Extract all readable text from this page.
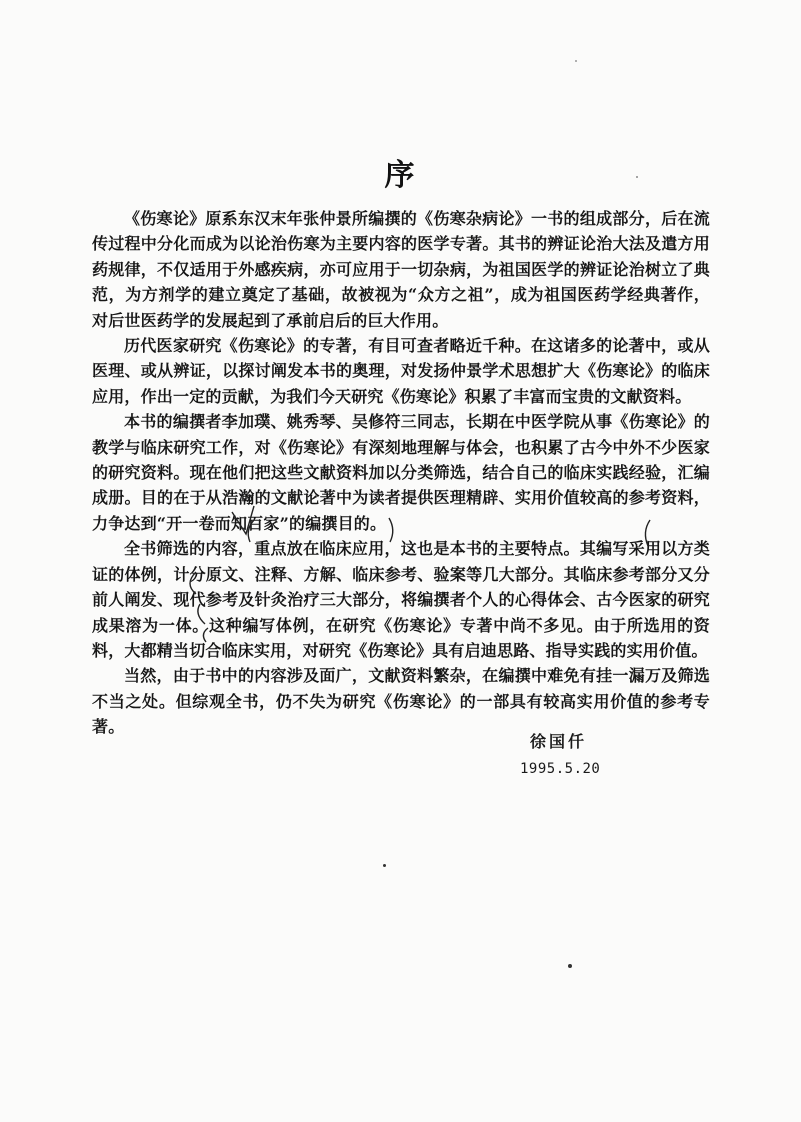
序

《伤寒论》原系东汉末年张仲景所编撰的《伤寒杂病论》一书的组成部分，后在流传过程中分化而成为以论治伤寒为主要内容的医学专著。其书的辨证论治大法及遣方用药规律，不仅适用于外感疾病，亦可应用于一切杂病，为祖国医学的辨证论治树立了典范，为方剂学的建立奠定了基础，故被视为“众方之祖”，成为祖国医药学经典著作，对后世医药学的发展起到了承前启后的巨大作用。

历代医家研究《伤寒论》的专著，有目可查者略近千种。在这诸多的论著中，或从医理、或从辨证，以探讨阐发本书的奥理，对发扬仲景学术思想扩大《伤寒论》的临床应用，作出一定的贡献，为我们今天研究《伤寒论》积累了丰富而宝贵的文献资料。

本书的编撰者李加璞、姚秀琴、吴修符三同志，长期在中医学院从事《伤寒论》的教学与临床研究工作，对《伤寒论》有深刻地理解与体会，也积累了古今中外不少医家的研究资料。现在他们把这些文献资料加以分类筛选，结合自己的临床实践经验，汇编成册。目的在于从浩瀚的文献论著中为读者提供医理精辟、实用价值较高的参考资料，力争达到“开一卷而知百家”的编撰目的。

全书筛选的内容，重点放在临床应用，这也是本书的主要特点。其编写采用以方类证的体例，计分原文、注释、方解、临床参考、验案等几大部分。其临床参考部分又分前人阐发、现代参考及针灸治疗三大部分，将编撰者个人的心得体会、古今医家的研究成果溶为一体。这种编写体例，在研究《伤寒论》专著中尚不多见。由于所选用的资料，大都精当切合临床实用，对研究《伤寒论》具有启迪思路、指导实践的实用价值。

当然，由于书中的内容涉及面广，文献资料繁杂，在编撰中难免有挂一漏万及筛选不当之处。但综观全书，仍不失为研究《伤寒论》的一部具有较高实用价值的参考专著。

徐国仟
1995.5.20
